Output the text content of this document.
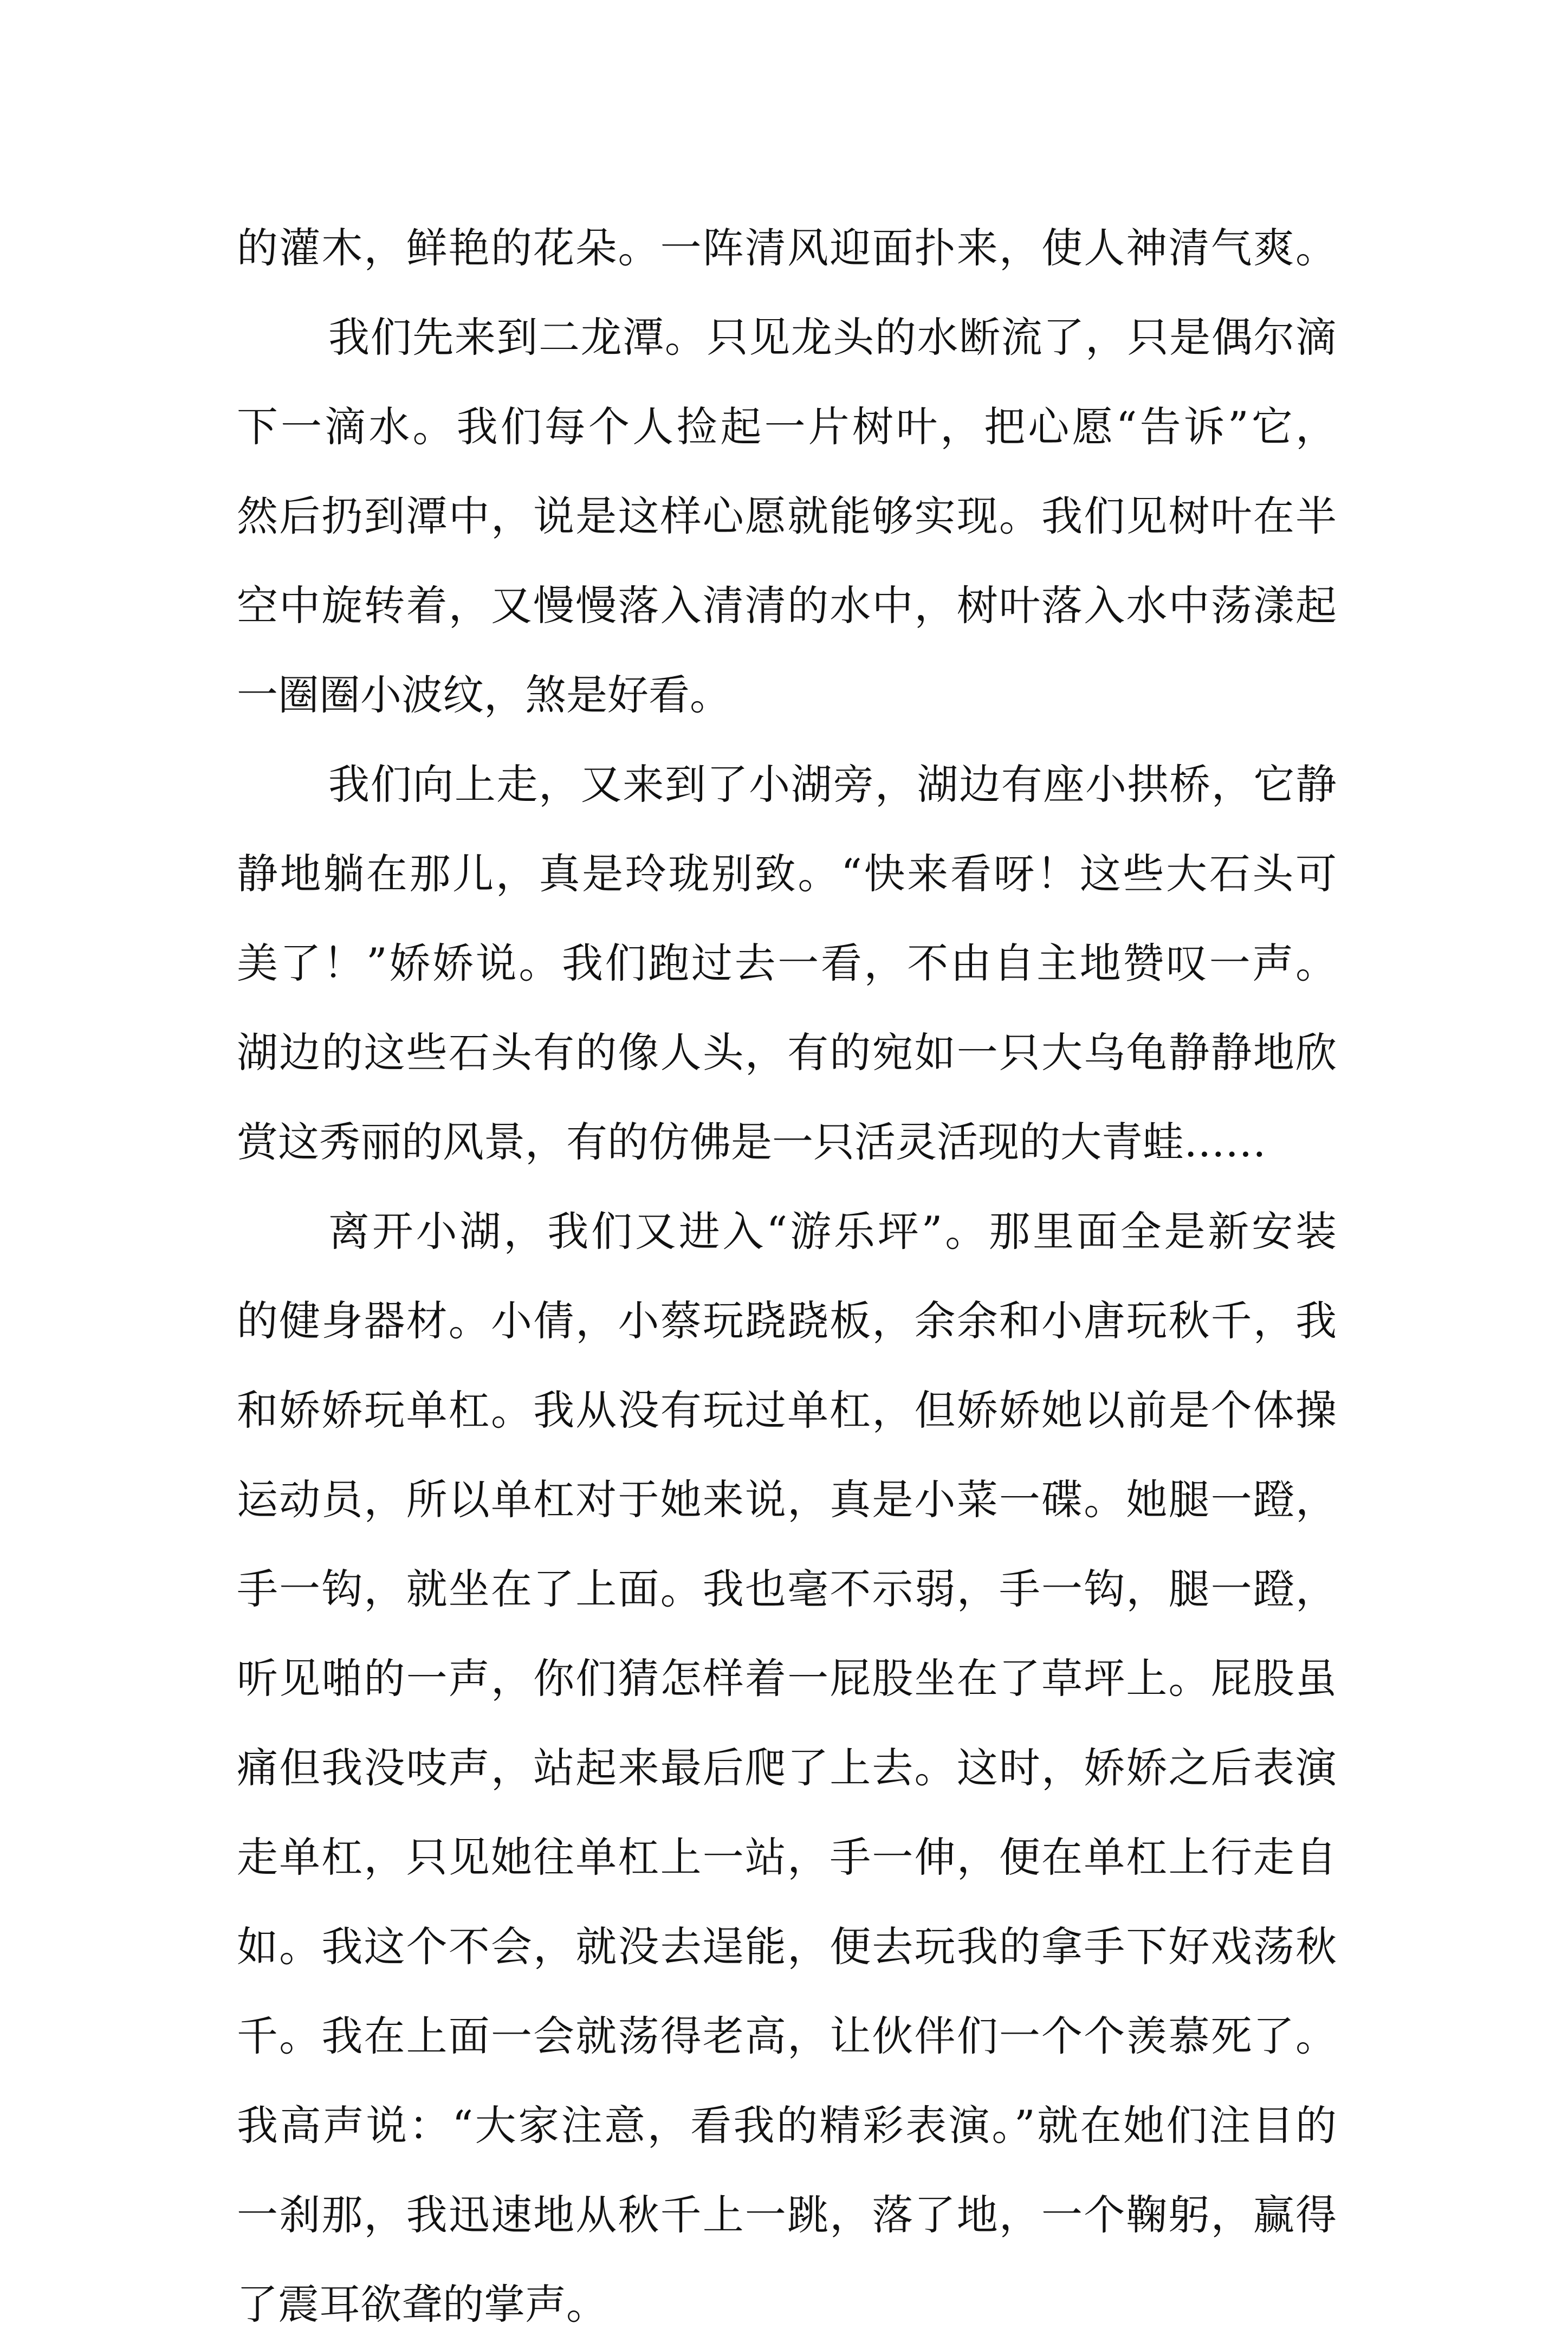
的灌木，鲜艳的花朵。一阵清风迎面扑来，使人神清气爽。
我们先来到二龙潭。只见龙头的水断流了，只是偶尔滴
下一滴水。我们每个人捡起一片树叶，把心愿“告诉”它，
然后扔到潭中，说是这样心愿就能够实现。我们见树叶在半
空中旋转着，又慢慢落入清清的水中，树叶落入水中荡漾起
一圈圈小波纹，煞是好看。
我们向上走，又来到了小湖旁，湖边有座小拱桥，它静
静地躺在那儿，真是玲珑别致。“快来看呀！这些大石头可
美了！”娇娇说。我们跑过去一看，不由自主地赞叹一声。
湖边的这些石头有的像人头，有的宛如一只大乌龟静静地欣
赏这秀丽的风景，有的仿佛是一只活灵活现的大青蛙……
离开小湖，我们又进入“游乐坪”。那里面全是新安装
的健身器材。小倩，小蔡玩跷跷板，余余和小唐玩秋千，我
和娇娇玩单杠。我从没有玩过单杠，但娇娇她以前是个体操
运动员，所以单杠对于她来说，真是小菜一碟。她腿一蹬，
手一钩，就坐在了上面。我也毫不示弱，手一钩，腿一蹬，
听见啪的一声，你们猜怎样着一屁股坐在了草坪上。屁股虽
痛但我没吱声，站起来最后爬了上去。这时，娇娇之后表演
走单杠，只见她往单杠上一站，手一伸，便在单杠上行走自
如。我这个不会，就没去逞能，便去玩我的拿手下好戏荡秋
千。我在上面一会就荡得老高，让伙伴们一个个羡慕死了。
我高声说：“大家注意，看我的精彩表演。”就在她们注目的
一刹那，我迅速地从秋千上一跳，落了地，一个鞠躬，赢得
了震耳欲聋的掌声。
